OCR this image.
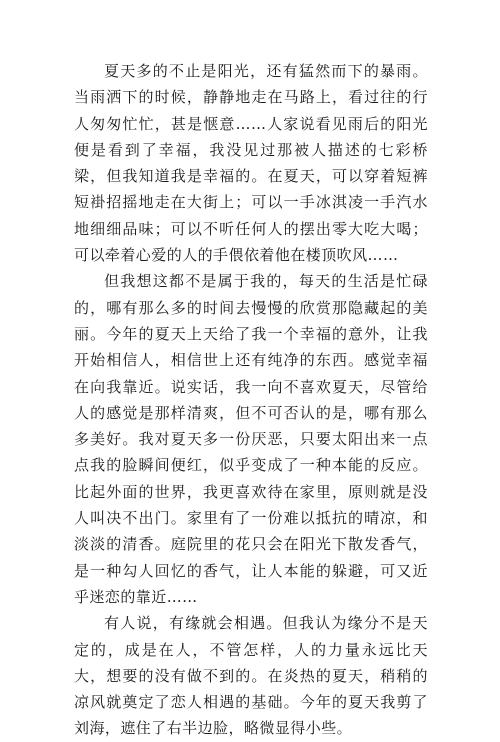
夏天多的不止是阳光，还有猛然而下的暴雨。当雨洒下的时候，静静地走在马路上，看过往的行人匆匆忙忙，甚是惬意……人家说看见雨后的阳光便是看到了幸福，我没见过那被人描述的七彩桥梁，但我知道我是幸福的。在夏天，可以穿着短裤短褂招摇地走在大街上；可以一手冰淇凌一手汽水地细细品味；可以不听任何人的摆出零大吃大喝；可以牵着心爱的人的手偎依着他在楼顶吹风……

但我想这都不是属于我的，每天的生活是忙碌的，哪有那么多的时间去慢慢的欣赏那隐藏起的美丽。今年的夏天上天给了我一个幸福的意外，让我开始相信人，相信世上还有纯净的东西。感觉幸福在向我靠近。说实话，我一向不喜欢夏天，尽管给人的感觉是那样清爽，但不可否认的是，哪有那么多美好。我对夏天多一份厌恶，只要太阳出来一点点我的脸瞬间便红，似乎变成了一种本能的反应。比起外面的世界，我更喜欢待在家里，原则就是没人叫决不出门。家里有了一份难以抵抗的晴凉，和淡淡的清香。庭院里的花只会在阳光下散发香气，是一种勾人回忆的香气，让人本能的躲避，可又近乎迷恋的靠近……

有人说，有缘就会相遇。但我认为缘分不是天定的，成是在人，不管怎样，人的力量永远比天大，想要的没有做不到的。在炎热的夏天，稍稍的凉风就奠定了恋人相遇的基础。今年的夏天我剪了刘海，遮住了右半边脸，略微显得小些。
